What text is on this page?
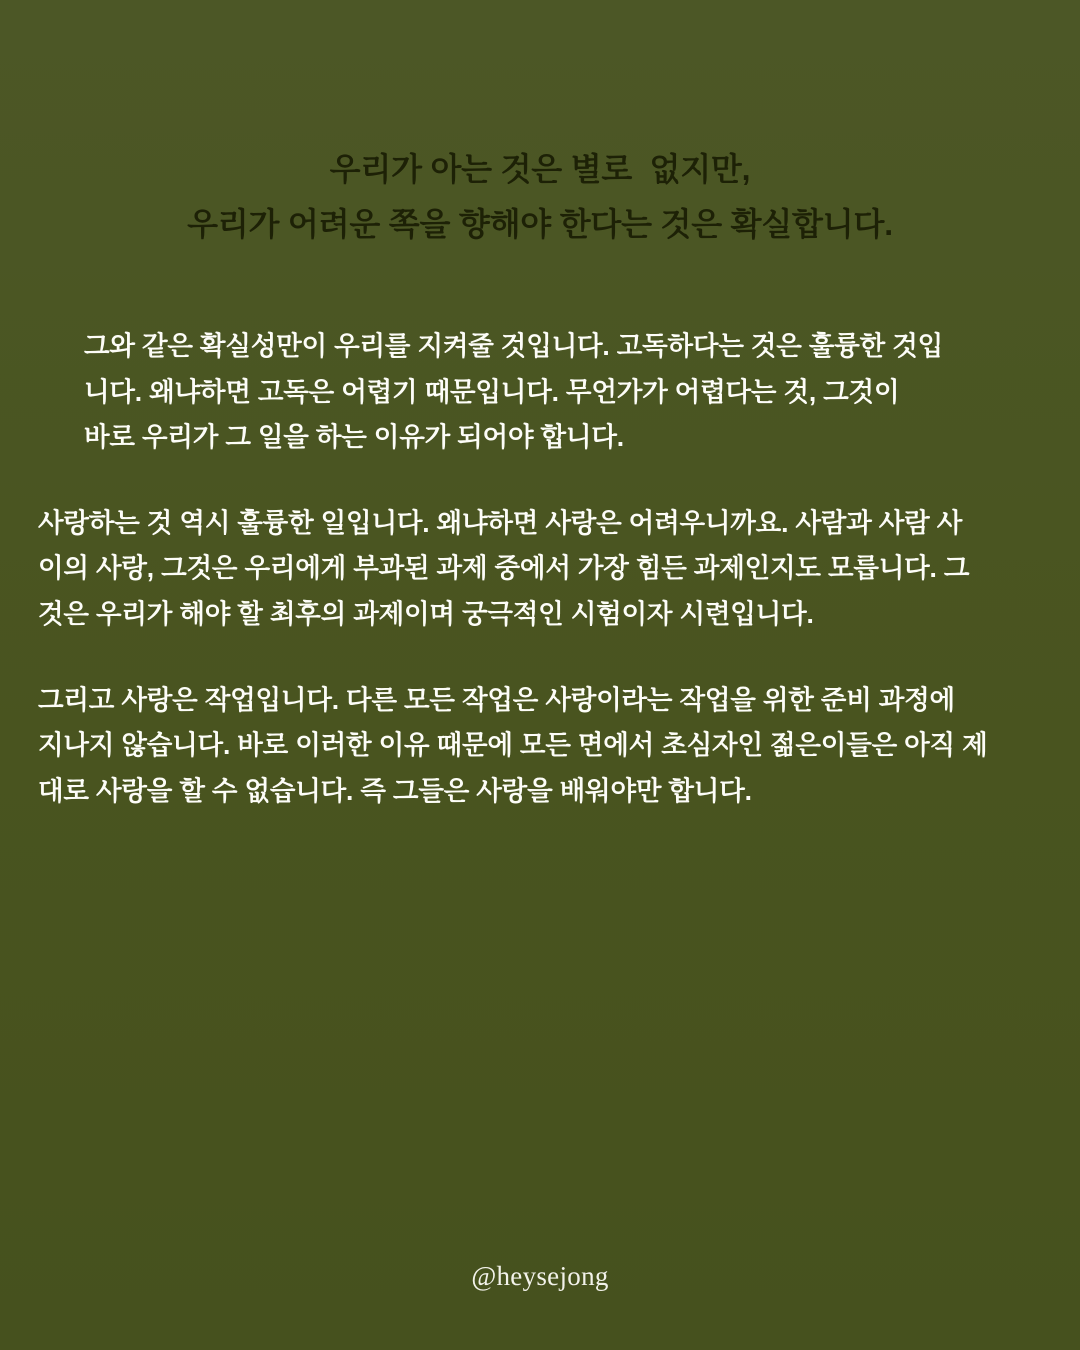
우리가 아는 것은 별로  없지만,
우리가 어려운 쪽을 향해야 한다는 것은 확실합니다.

그와 같은 확실성만이 우리를 지켜줄 것입니다. 고독하다는 것은 훌륭한 것입
니다. 왜냐하면 고독은 어렵기 때문입니다. 무언가가 어렵다는 것, 그것이
바로 우리가 그 일을 하는 이유가 되어야 합니다.

사랑하는 것 역시 훌륭한 일입니다. 왜냐하면 사랑은 어려우니까요. 사람과 사람 사
이의 사랑, 그것은 우리에게 부과된 과제 중에서 가장 힘든 과제인지도 모릅니다. 그
것은 우리가 해야 할 최후의 과제이며 궁극적인 시험이자 시련입니다.

그리고 사랑은 작업입니다. 다른 모든 작업은 사랑이라는 작업을 위한 준비 과정에
지나지 않습니다. 바로 이러한 이유 때문에 모든 면에서 초심자인 젊은이들은 아직 제
대로 사랑을 할 수 없습니다. 즉 그들은 사랑을 배워야만 합니다.

@heysejong
